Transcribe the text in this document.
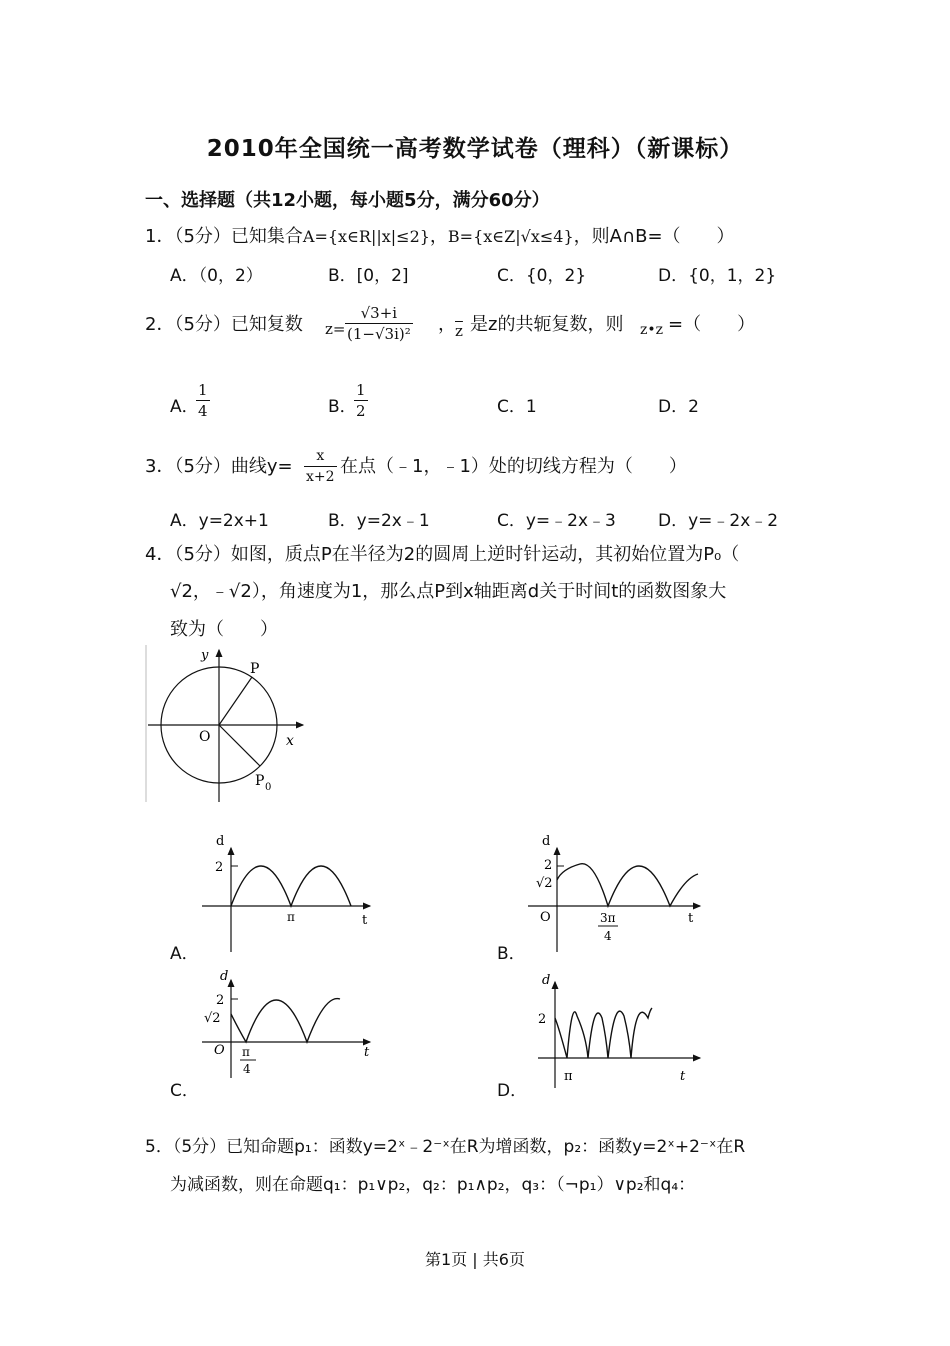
2010年全国统一高考数学试卷（理科）（新课标）
一、选择题（共12小题，每小题5分，满分60分）
1．（5分）已知集合A={x∈R||x|≤2}，B={x∈Z|√x≤4}，则A∩B=（　　）
A．（0，2）	B．[0，2]	C．{0，2}	D．{0，1，2}
2．（5分）已知复数 $z= \frac{√3+i}{\text{(1−√3i)²}}$ ， $\overline{z}$ 是z的共轭复数，则 z•z =（　　）
A．
$\frac{1}{4}$	B．
$\frac{1}{2}$	C．1	D．2
3．（5分）曲线$y= \frac{x}{x+2}$ 在点（﹣1，﹣1）处的切线方程为（　　）
A．y=2x+1	B．y=2x﹣1	C．y=﹣2x﹣3 D．y=﹣2x﹣2
4．（5分）如图，质点P在半径为2的圆周上逆时针运动，其初始位置为P₀（
√2，﹣√2），角速度为1，那么点P到x轴距离d关于时间t的函数图象大
致为（　　）
y
x
O
P
P 0
d
2
π	t
A．
d
2
√2
O	3π
4
t
B．
d
2
√2
O π
4
t
C．
d
2
π	t
D．
5．（5分）已知命题p₁：函数y=2ˣ﹣2⁻ˣ在R为增函数，p₂：函数y=2ˣ+2⁻ˣ在R
为减函数，则在命题q₁：p₁∨p₂，q₂：p₁∧p₂，q₃：（¬p₁）∨p₂和q₄：
第1页 | 共6页
